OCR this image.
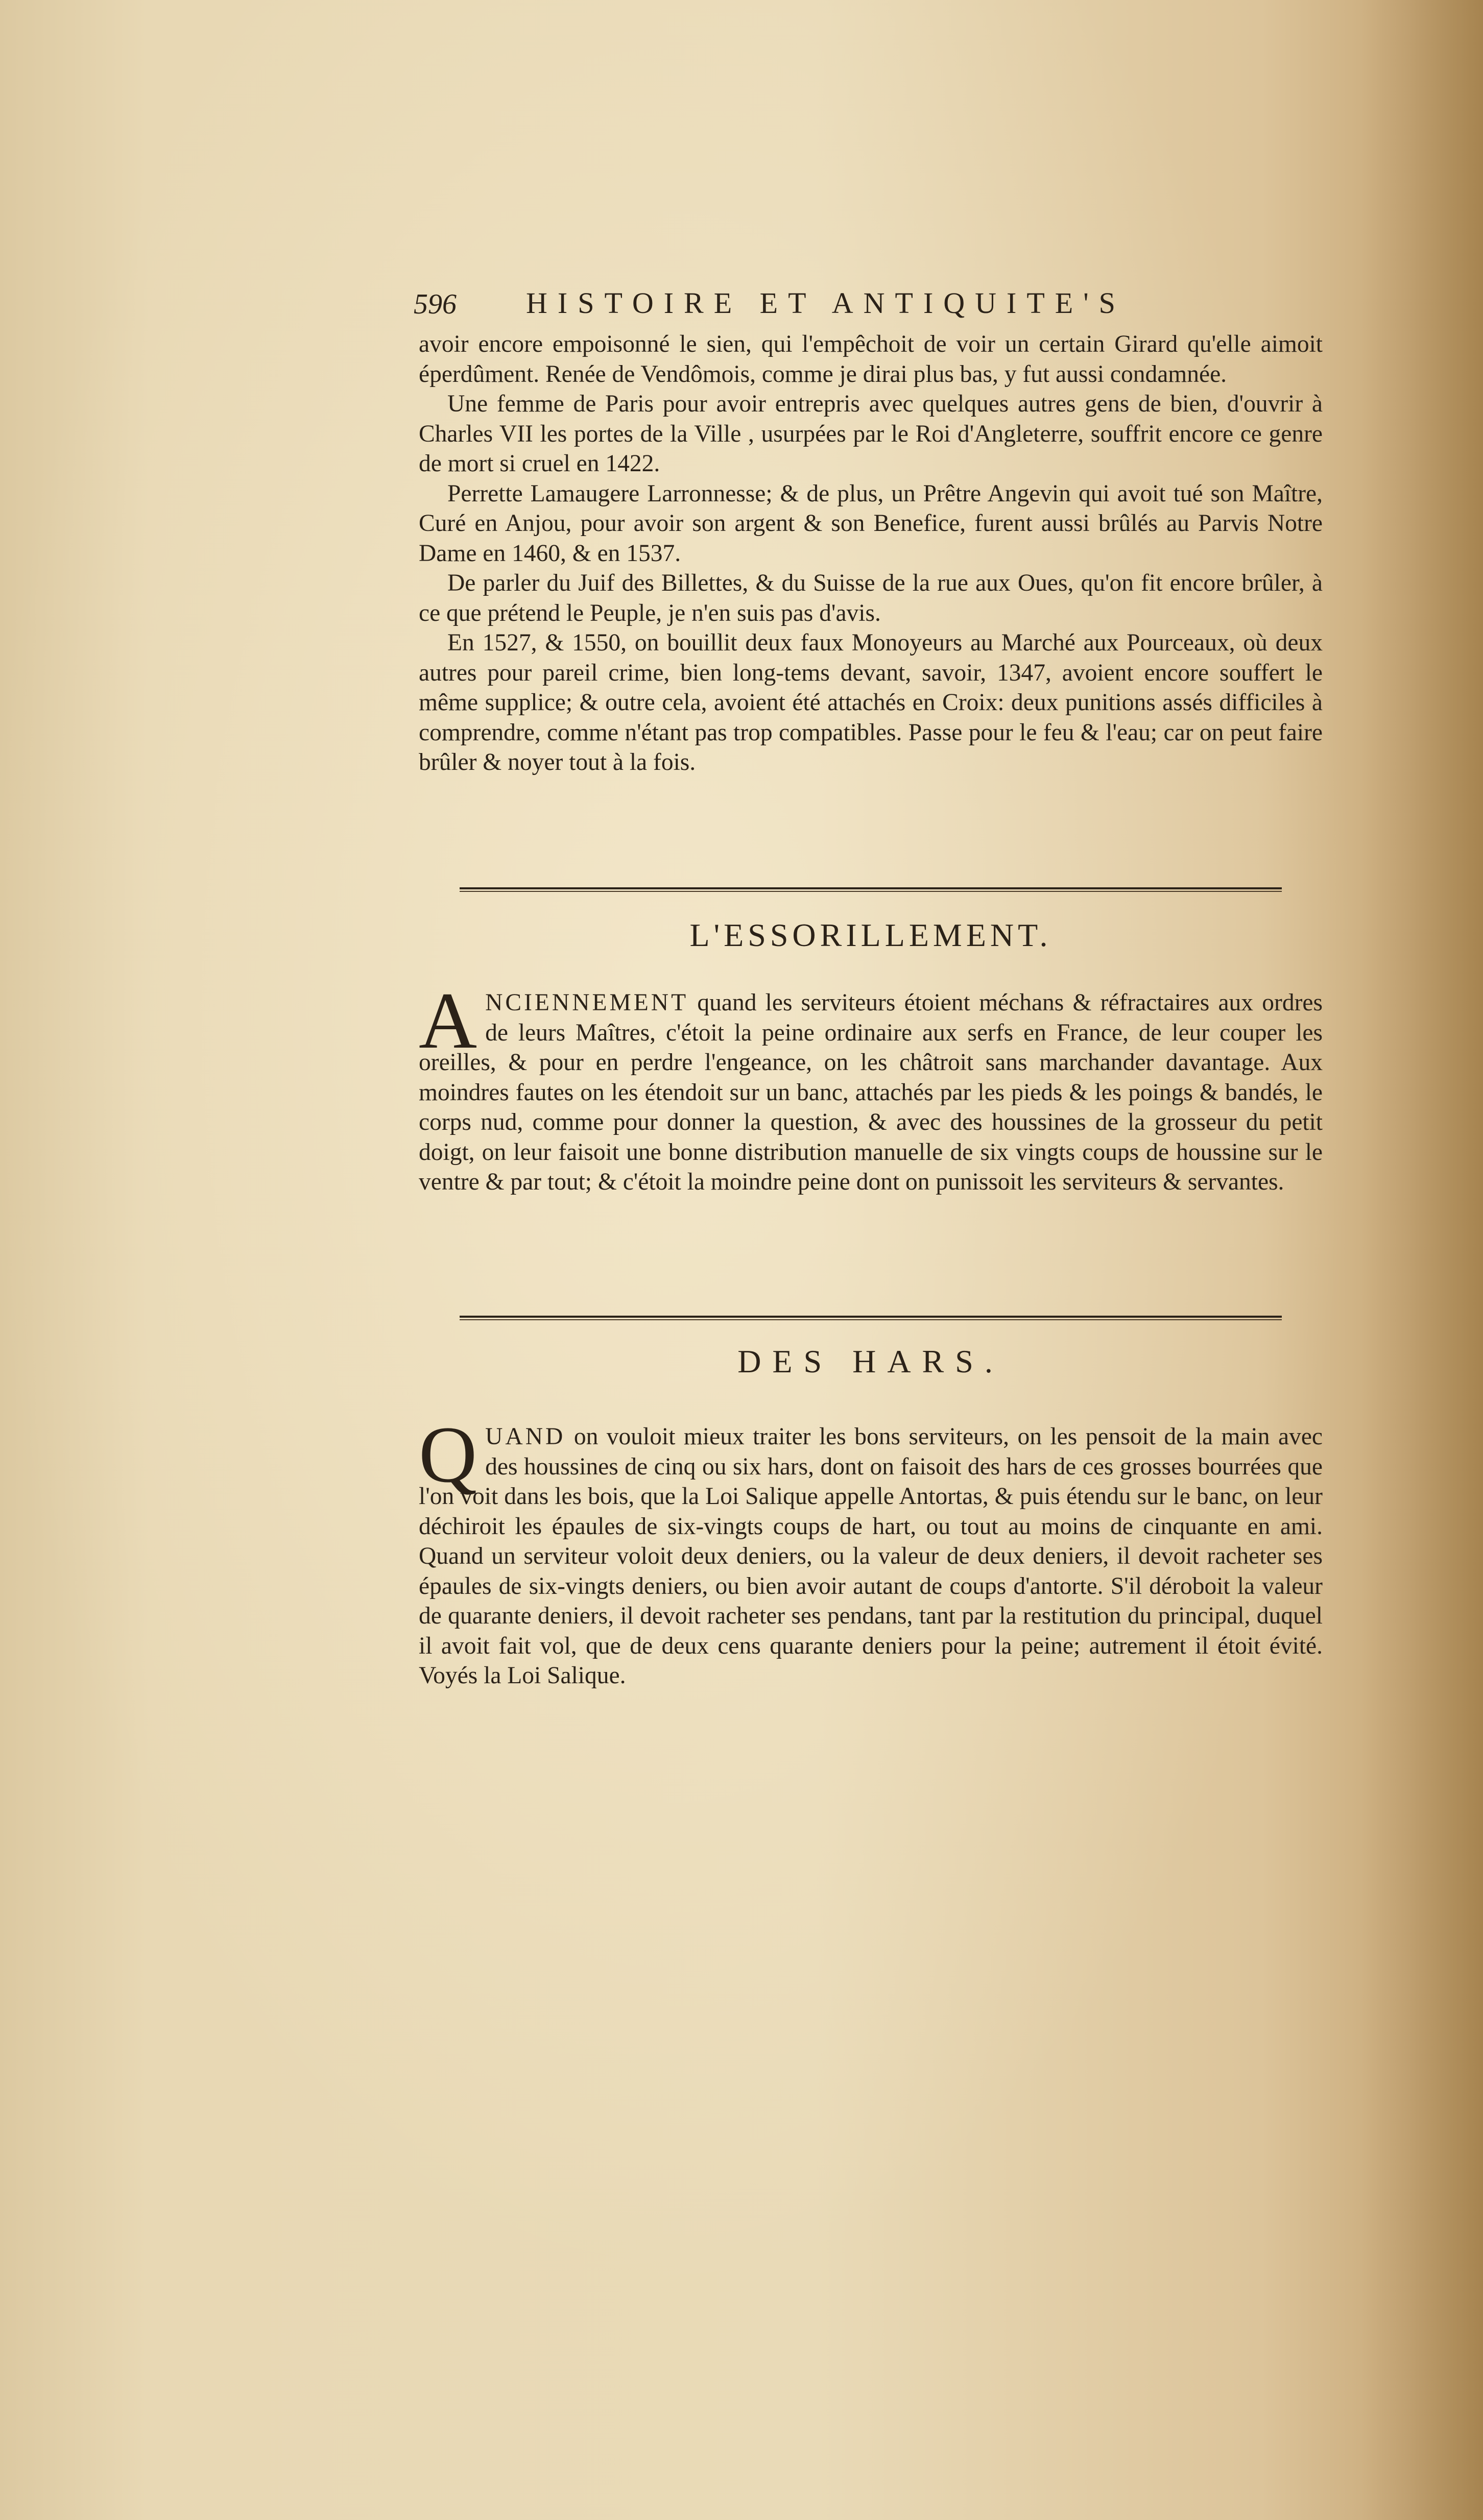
596 HISTOIRE ET ANTIQUITE'S

avoir encore empoisonné le sien, qui l'empêchoit de voir un certain Girard qu'elle aimoit éperdûment. Renée de Vendômois, comme je dirai plus bas, y fut aussi condamnée.

Une femme de Paris pour avoir entrepris avec quelques autres gens de bien, d'ouvrir à Charles VII les portes de la Ville , usurpées par le Roi d'Angleterre, souffrit encore ce genre de mort si cruel en 1422.

Perrette Lamaugere Larronnesse; & de plus, un Prêtre Angevin qui avoit tué son Maître, Curé en Anjou, pour avoir son argent & son Benefice, furent aussi brûlés au Parvis Notre Dame en 1460, & en 1537.

De parler du Juif des Billettes, & du Suisse de la rue aux Oues, qu'on fit encore brûler, à ce que prétend le Peuple, je n'en suis pas d'avis.

En 1527, & 1550, on bouillit deux faux Monoyeurs au Marché aux Pourceaux, où deux autres pour pareil crime, bien long-tems devant, savoir, 1347, avoient encore souffert le même supplice; & outre cela, avoient été attachés en Croix: deux punitions assés difficiles à comprendre, comme n'étant pas trop compatibles. Passe pour le feu & l'eau; car on peut faire brûler & noyer tout à la fois.

L'ESSORILLEMENT.

ANCIENNEMENT quand les serviteurs étoient méchans & réfractaires aux ordres de leurs Maîtres, c'étoit la peine ordinaire aux serfs en France, de leur couper les oreilles, & pour en perdre l'engeance, on les châtroit sans marchander davantage. Aux moindres fautes on les étendoit sur un banc, attachés par les pieds & les poings & bandés, le corps nud, comme pour donner la question, & avec des houssines de la grosseur du petit doigt, on leur faisoit une bonne distribution manuelle de six vingts coups de houssine sur le ventre & par tout; & c'étoit la moindre peine dont on punissoit les serviteurs & servantes.

DES HARS.

QUAND on vouloit mieux traiter les bons serviteurs, on les pensoit de la main avec des houssines de cinq ou six hars, dont on faisoit des hars de ces grosses bourrées que l'on voit dans les bois, que la Loi Salique appelle Antortas, & puis étendu sur le banc, on leur déchiroit les épaules de six-vingts coups de hart, ou tout au moins de cinquante en ami. Quand un serviteur voloit deux deniers, ou la valeur de deux deniers, il devoit racheter ses épaules de six-vingts deniers, ou bien avoir autant de coups d'antorte. S'il déroboit la valeur de quarante deniers, il devoit racheter ses pendans, tant par la restitution du principal, duquel il avoit fait vol, que de deux cens quarante deniers pour la peine; autrement il étoit évité. Voyés la Loi Salique.
